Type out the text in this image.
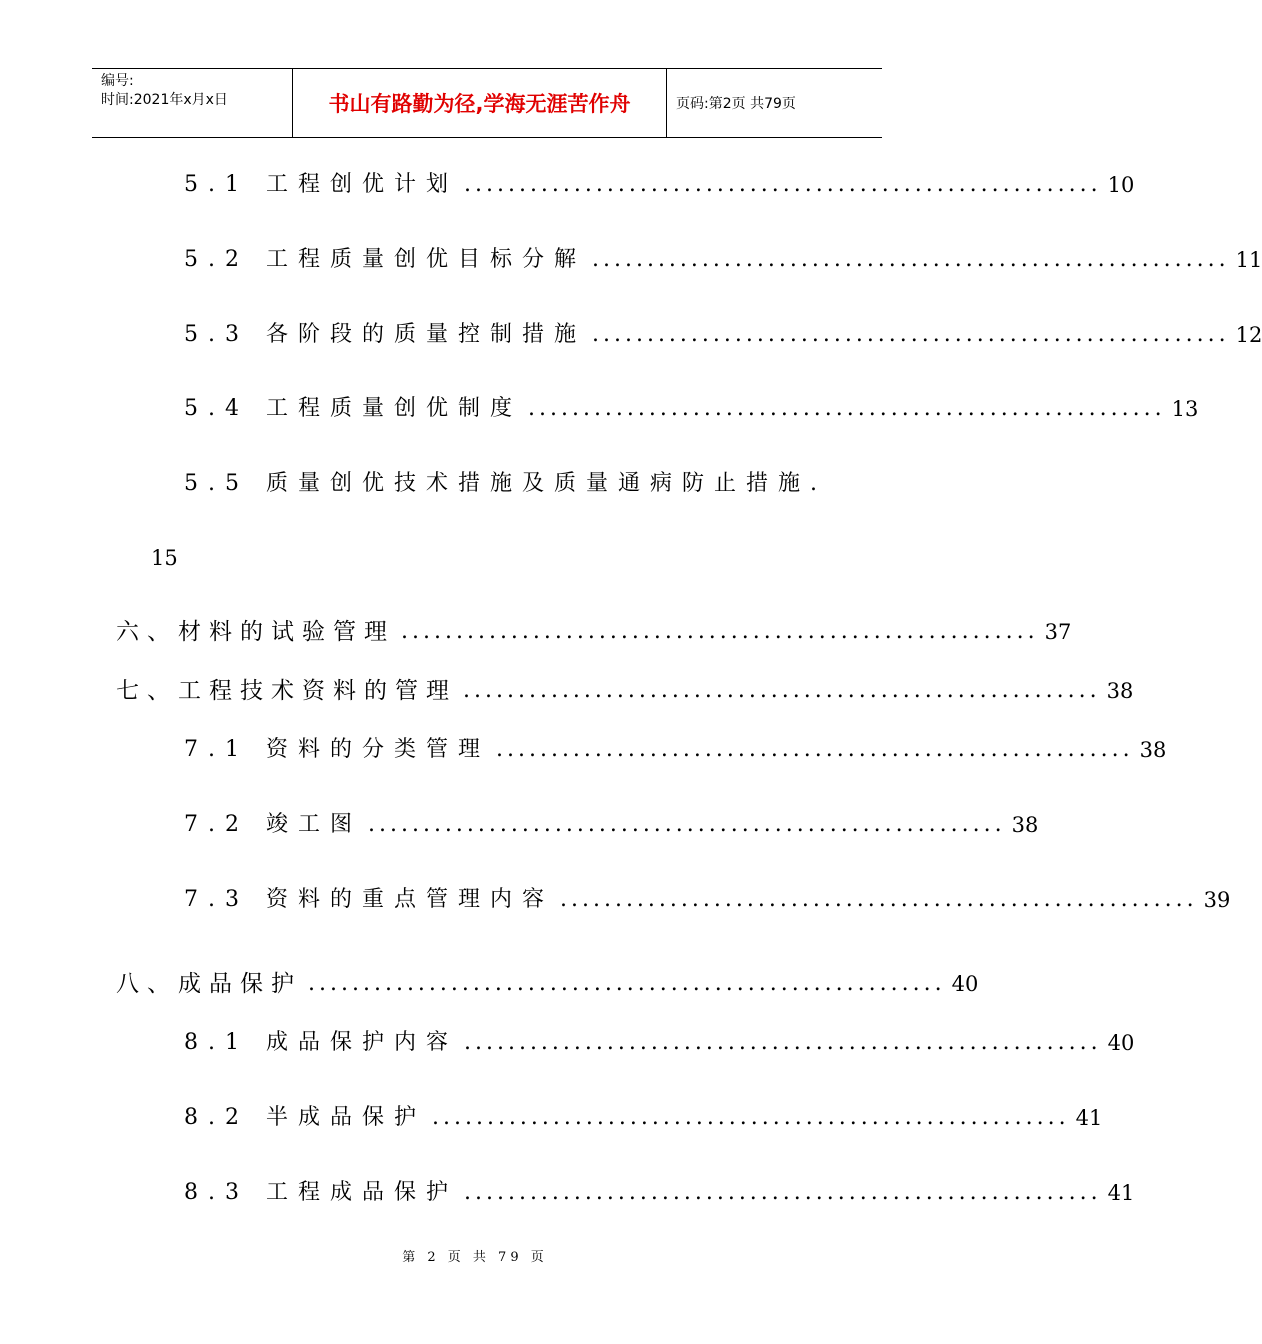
编号:
时间:2021年x月x日	书山有路勤为径,学海无涯苦作舟	页码:第2页 共79页
5.1 工程创优计划 .......................................................... 10
5.2 工程质量创优目标分解 .......................................................... 11
5.3 各阶段的质量控制措施 .......................................................... 12
5.4 工程质量创优制度 .......................................................... 13
5.5 质量创优技术措施及质量通病防止措施.
15
六、材料的试验管理 .......................................................... 37
七、工程技术资料的管理 .......................................................... 38
7.1 资料的分类管理 .......................................................... 38
7.2 竣工图 .......................................................... 38
7.3 资料的重点管理内容 .......................................................... 39
八、成品保护 .......................................................... 40
8.1 成品保护内容 .......................................................... 40
8.2 半成品保护 .......................................................... 41
8.3 工程成品保护 .......................................................... 41
第 2 页 共 79 页
